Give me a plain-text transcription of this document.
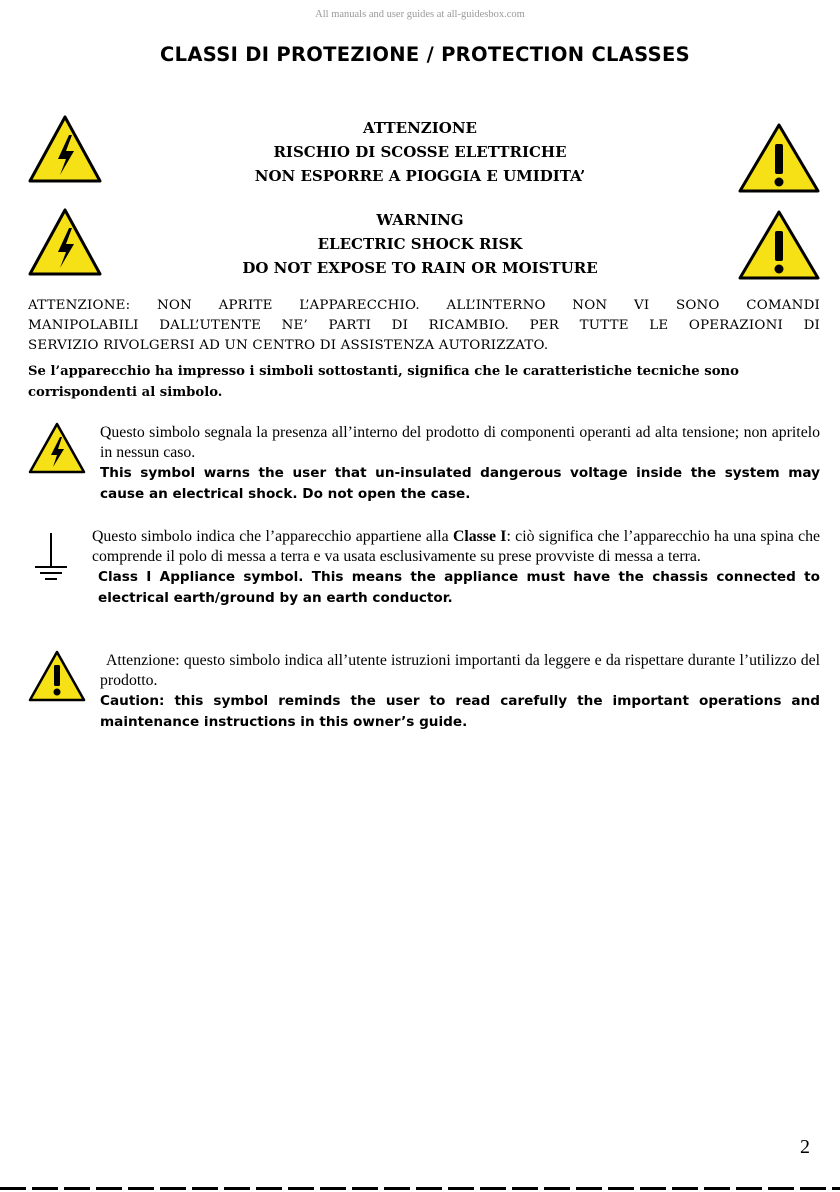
All manuals and user guides at all-guidesbox.com
CLASSI DI PROTEZIONE / PROTECTION CLASSES
ATTENZIONE
RISCHIO DI SCOSSE ELETTRICHE
NON ESPORRE A PIOGGIA E UMIDITA’
WARNING
ELECTRIC SHOCK RISK
DO NOT EXPOSE TO RAIN OR MOISTURE
ATTENZIONE: NON APRITE L’APPARECCHIO. ALL’INTERNO NON VI SONO COMANDI
MANIPOLABILI DALL’UTENTE NE’ PARTI DI RICAMBIO. PER TUTTE LE OPERAZIONI DI
SERVIZIO RIVOLGERSI AD UN CENTRO DI ASSISTENZA AUTORIZZATO.
Se l’apparecchio ha impresso i simboli sottostanti, significa che le caratteristiche tecniche sono corrispondenti al simbolo.
Questo simbolo segnala la presenza all’interno del prodotto di componenti operanti ad alta tensione; non apritelo in nessun caso.
This symbol warns the user that un-insulated dangerous voltage inside the system may cause an electrical shock. Do not open the case.
Questo simbolo indica che l’apparecchio appartiene alla Classe I: ciò significa che l’apparecchio ha una spina che comprende il polo di messa a terra e va usata esclusivamente su prese provviste di messa a terra.
Class I Appliance symbol. This means the appliance must have the chassis connected to electrical earth/ground by an earth conductor.
Attenzione: questo simbolo indica all’utente istruzioni importanti da leggere e da rispettare durante l’utilizzo del prodotto.
Caution: this symbol reminds the user to read carefully the important operations and maintenance instructions in this owner’s guide.
2
